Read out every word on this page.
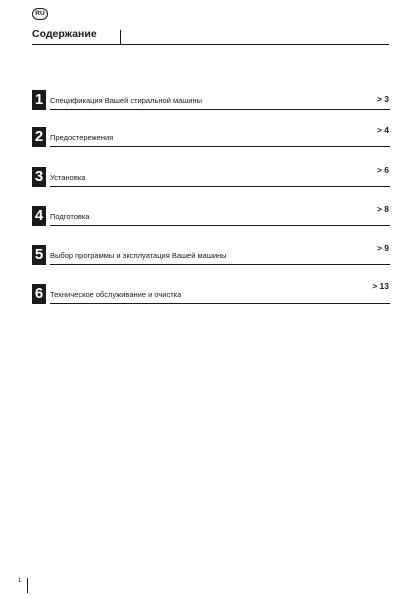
RU
Содержание
1 Спецификация Вашей стиральной машины	> 3
2 Предостережения
> 4
3 Установка
> 6
4 Подготовка
> 8
5 Выбор программы и эксплуатация Вашей машины
> 9
6 Техническое обслуживание и очистка
> 13
1
